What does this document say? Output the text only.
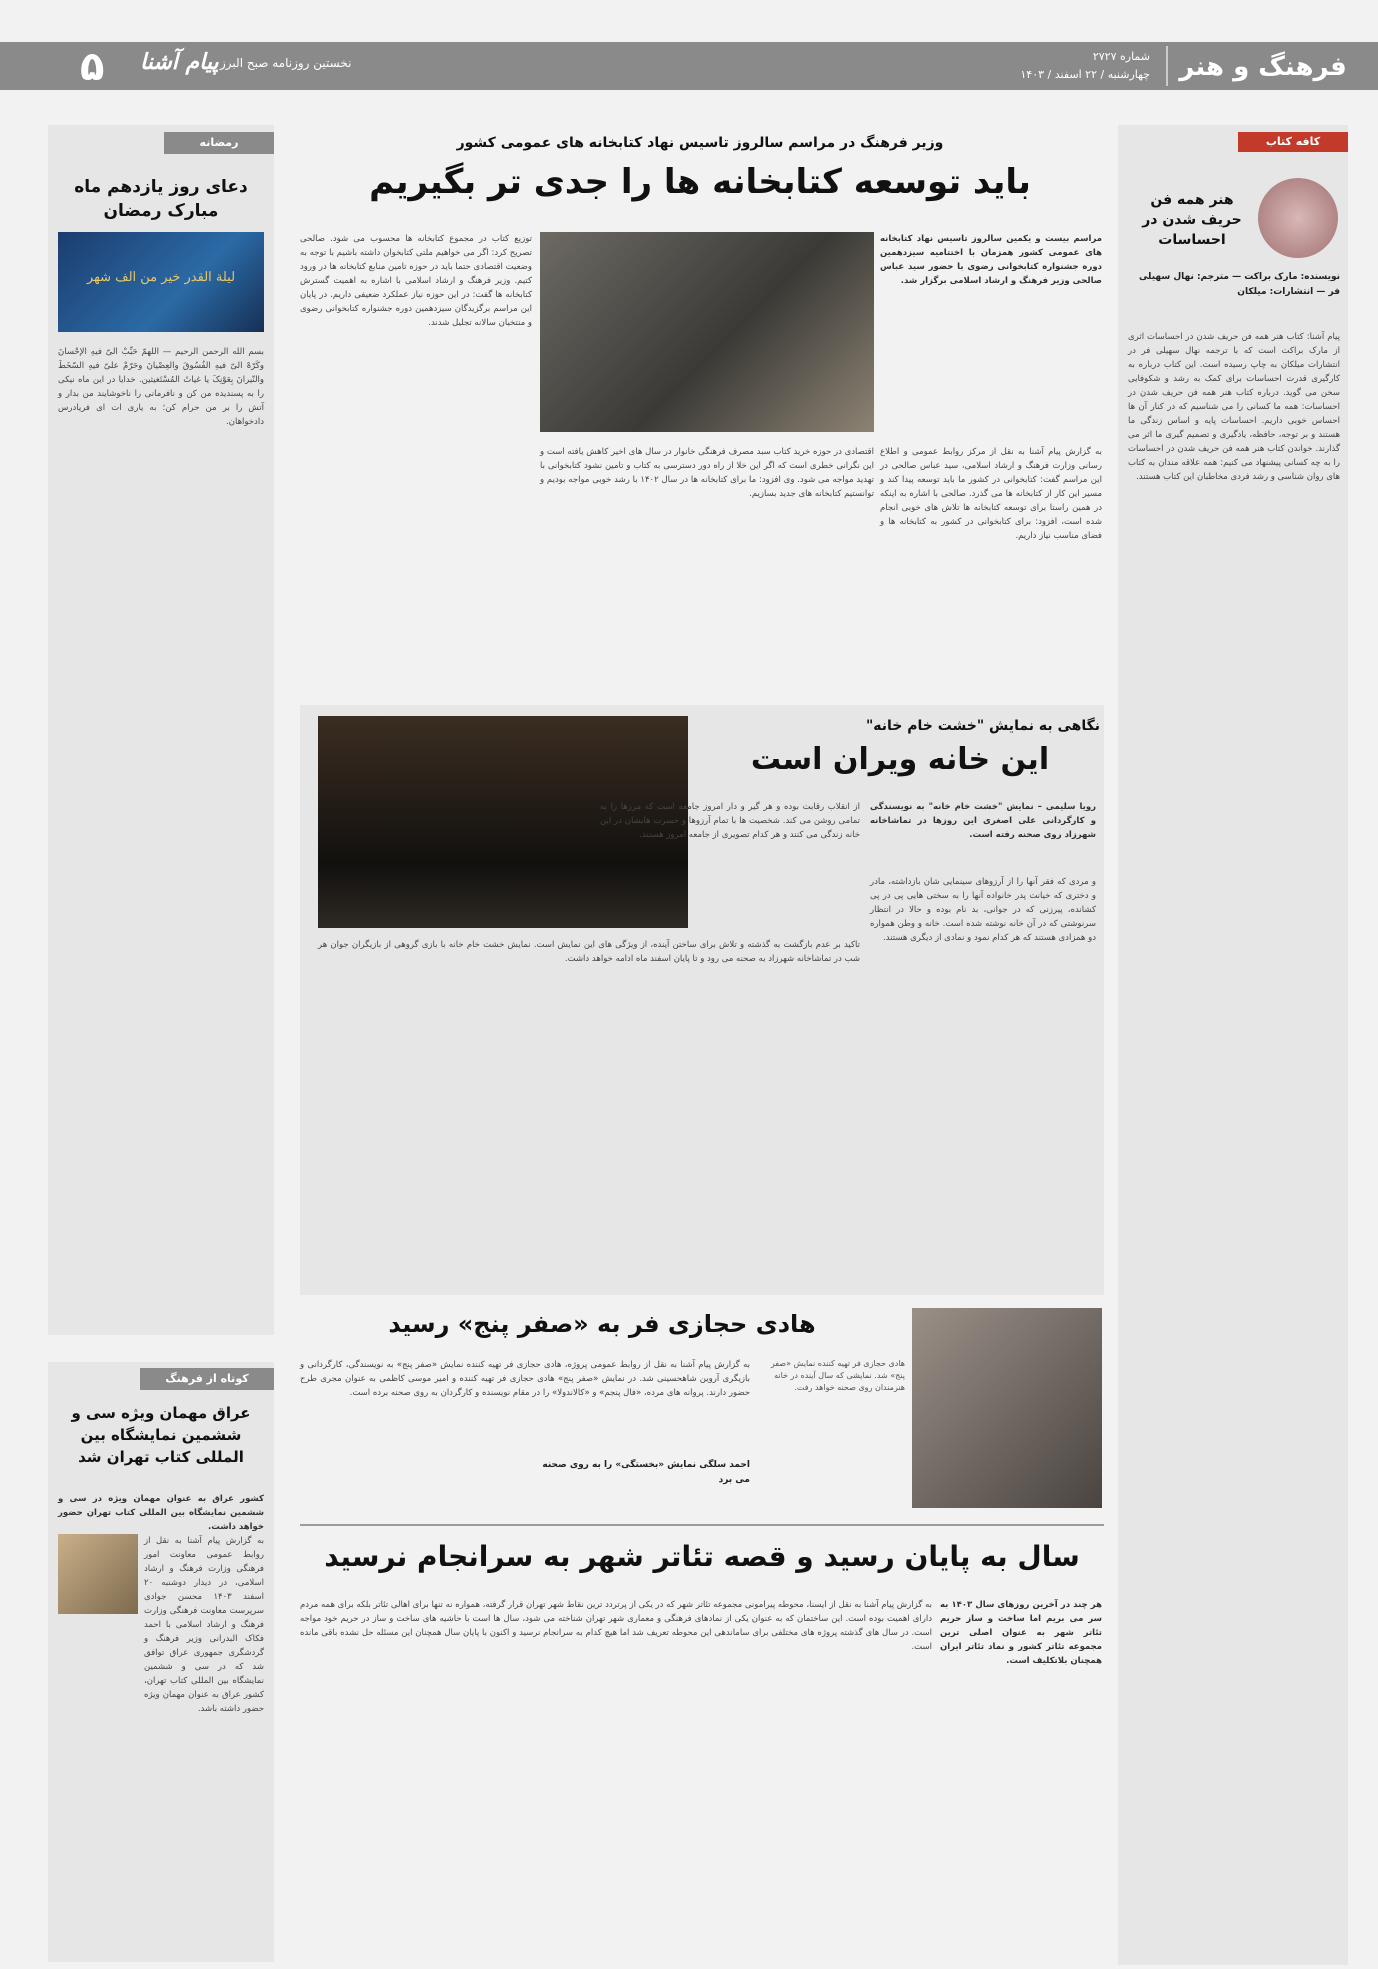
فرهنگ و هنر
شماره ۲۷۲۷
چهارشنبه / ۲۲ اسفند / ۱۴۰۳
نخستین روزنامه صبح البرز
پیام آشنا
۵
کافه کتاب
هنر همه فن حریف شدن در احساسات
نویسنده: مارک براکت — مترجم: نهال سهیلی فر — انتشارات: میلکان
پیام آشنا: کتاب هنر همه فن حریف شدن در احساسات اثری از مارک براکت است که با ترجمه نهال سهیلی فر در انتشارات میلکان به چاپ رسیده است. این کتاب درباره به کارگیری قدرت احساسات برای کمک به رشد و شکوفایی سخن می گوید. درباره کتاب هنر همه فن حریف شدن در احساسات: همه ما کسانی را می شناسیم که در کنار آن ها احساس خوبی داریم. احساسات پایه و اساس زندگی ما هستند و بر توجه، حافظه، یادگیری و تصمیم گیری ما اثر می گذارند. خواندن کتاب هنر همه فن حریف شدن در احساسات را به چه کسانی پیشنهاد می کنیم: همه علاقه مندان به کتاب های روان شناسی و رشد فردی مخاطبان این کتاب هستند.
رمضانه
دعای روز یازدهم ماه مبارک رمضان
لیلة القدر خیر من الف شهر
بسم الله الرحمن الرحیم — اللهمّ حَبِّبْ الیّ فیهِ الإحْسانَ وکَرّهْ الیّ فیهِ الفُسُوقَ والعِصْیانَ وحَرّمْ علیّ فیهِ السّخَطَ والنّیرانَ بِعَوْنِکَ یا غیاثَ المُسْتَغیثین. خدایا در این ماه نیکی را به پسندیده من کن و نافرمانی را ناخوشایند من بدار و آتش را بر من حرام کن؛ به یاری ات ای فریادرس دادخواهان.
کوتاه از فرهنگ
عراق مهمان ویژه سی و ششمین نمایشگاه بین المللی کتاب تهران شد
کشور عراق به عنوان مهمان ویژه در سی و ششمین نمایشگاه بین المللی کتاب تهران حضور خواهد داشت.
به گزارش پیام آشنا به نقل از روابط عمومی معاونت امور فرهنگی وزارت فرهنگ و ارشاد اسلامی، در دیدار دوشنبه ۲۰ اسفند ۱۴۰۳ محسن جوادی سرپرست معاونت فرهنگی وزارت فرهنگ و ارشاد اسلامی با احمد فکاک البدرانی وزیر فرهنگ و گردشگری جمهوری عراق توافق شد که در سی و ششمین نمایشگاه بین المللی کتاب تهران، کشور عراق به عنوان مهمان ویژه حضور داشته باشد.
وزیر فرهنگ در مراسم سالروز تاسیس نهاد کتابخانه های عمومی کشور
باید توسعه کتابخانه ها را جدی تر بگیریم
مراسم بیست و یکمین سالروز تاسیس نهاد کتابخانه های عمومی کشور همزمان با اختتامیه سیزدهمین دوره جشنواره کتابخوانی رضوی با حضور سید عباس صالحی وزیر فرهنگ و ارشاد اسلامی برگزار شد.
توزیع کتاب در مجموع کتابخانه ها محسوب می شود. صالحی تصریح کرد: اگر می خواهیم ملتی کتابخوان داشته باشیم با توجه به وضعیت اقتصادی حتما باید در حوزه تامین منابع کتابخانه ها در ورود کتیم. وزیر فرهنگ و ارشاد اسلامی با اشاره به اهمیت گسترش کتابخانه ها گفت: در این حوزه نیاز عملکرد ضعیفی داریم. در پایان این مراسم برگزیدگان سیزدهمین دوره جشنواره کتابخوانی رضوی و منتخبان سالانه تجلیل شدند.
به گزارش پیام آشنا به نقل از مرکز روابط عمومی و اطلاع رسانی وزارت فرهنگ و ارشاد اسلامی، سید عباس صالحی در این مراسم گفت: کتابخوانی در کشور ما باید توسعه پیدا کند و مسیر این کار از کتابخانه ها می گذرد. صالحی با اشاره به اینکه در همین راستا برای توسعه کتابخانه ها تلاش های خوبی انجام شده است، افزود: برای کتابخوانی در کشور به کتابخانه ها و فضای مناسب نیاز داریم.
اقتصادی در حوزه خرید کتاب سبد مصرف فرهنگی خانوار در سال های اخیر کاهش یافته است و این نگرانی خطری است که اگر این خلا از راه دور دسترسی به کتاب و تامین نشود کتابخوانی با تهدید مواجه می شود. وی افزود: ما برای کتابخانه ها در سال ۱۴۰۲ با رشد خوبی مواجه بودیم و توانستیم کتابخانه های جدید بسازیم.
نگاهی به نمایش "خشت خام خانه"
این خانه ویران است
رویا سلیمی – نمایش "خشت خام خانه" به نویسندگی و کارگردانی علی اصغری این روزها در تماشاخانه شهرزاد روی صحنه رفته است.
و مردی که فقر آنها را از آرزوهای سینمایی شان بازداشته، مادر و دختری که خیانت پدر خانواده آنها را به سختی هایی پی در پی کشانده، پیرزنی که در جوانی، بد نام بوده و حالا در انتظار سرنوشتی که در آن خانه نوشته شده است. خانه و وطن همواره دو همزادی هستند که هر کدام نمود و نمادی از دیگری هستند.
از انقلاب رقابت بوده و هر گیر و دار امروز جامعه است که مرزها را به تمامی روشن می کند. شخصیت ها با تمام آرزوها و حسرت هایشان در این خانه زندگی می کنند و هر کدام تصویری از جامعه امروز هستند.
تاکید بر عدم بازگشت به گذشته و تلاش برای ساختن آینده، از ویژگی های این نمایش است. نمایش خشت خام خانه با بازی گروهی از بازیگران جوان هر شب در تماشاخانه شهرزاد به صحنه می رود و تا پایان اسفند ماه ادامه خواهد داشت.
هادی حجازی فر به «صفر پنج» رسید
هادی حجازی فر تهیه کننده نمایش «صفر پنج» شد. نمایشی که سال آینده در خانه هنرمندان روی صحنه خواهد رفت.
احمد سلگی نمایش «بخستگی» را به روی صحنه می برد
به گزارش پیام آشنا به نقل از روابط عمومی پروژه، هادی حجازی فر تهیه کننده نمایش «صفر پنج» به نویسندگی، کارگردانی و بازیگری آروین شاهحسینی شد. در نمایش «صفر پنج» هادی حجازی فر تهیه کننده و امیر موسی کاظمی به عنوان مجری طرح حضور دارند. پروانه های مرده، «فال پنجم» و «کالاندولا» را در مقام نویسنده و کارگردان به روی صحنه برده است.
سال به پایان رسید و قصه تئاتر شهر به سرانجام نرسید
هر چند در آخرین روزهای سال ۱۴۰۳ به سر می بریم اما ساخت و ساز حریم تئاتر شهر به عنوان اصلی ترین مجموعه تئاتر کشور و نماد تئاتر ایران همچنان بلاتکلیف است.
به گزارش پیام آشنا به نقل از ایسنا، محوطه پیرامونی مجموعه تئاتر شهر که در یکی از پرتردد ترین نقاط شهر تهران قرار گرفته، همواره نه تنها برای اهالی تئاتر بلکه برای همه مردم دارای اهمیت بوده است. این ساختمان که به عنوان یکی از نمادهای فرهنگی و معماری شهر تهران شناخته می شود، سال ها است با حاشیه های ساخت و ساز در حریم خود مواجه است. در سال های گذشته پروژه های مختلفی برای ساماندهی این محوطه تعریف شد اما هیچ کدام به سرانجام نرسید و اکنون با پایان سال همچنان این مسئله حل نشده باقی مانده است.
